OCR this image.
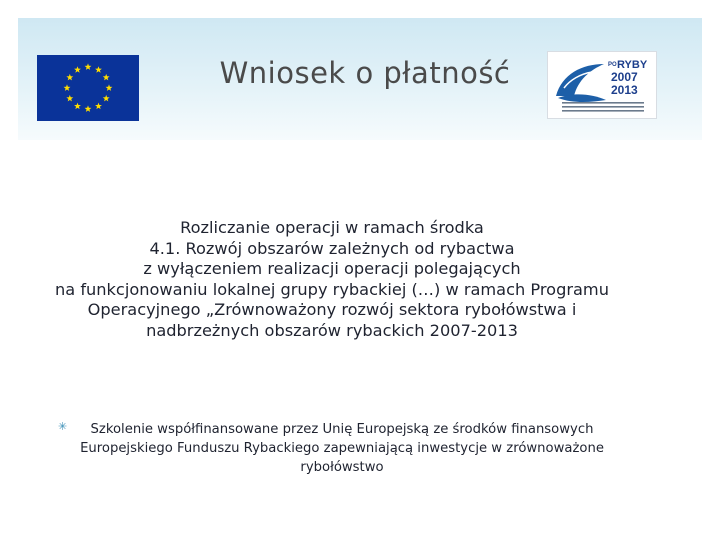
Wniosek o płatność	PO RYBY
2007
2013
Rozliczanie operacji w ramach środka
4.1. Rozwój obszarów zależnych od rybactwa
z wyłączeniem realizacji operacji polegających
na funkcjonowaniu lokalnej grupy rybackiej (…) w ramach Programu
Operacyjnego „Zrównoważony rozwój sektora rybołówstwa i
nadbrzeżnych obszarów rybackich 2007-2013
✳	Szkolenie współfinansowane przez Unię Europejską ze środków finansowych
Europejskiego Funduszu Rybackiego zapewniającą inwestycje w zrównoważone
rybołówstwo
